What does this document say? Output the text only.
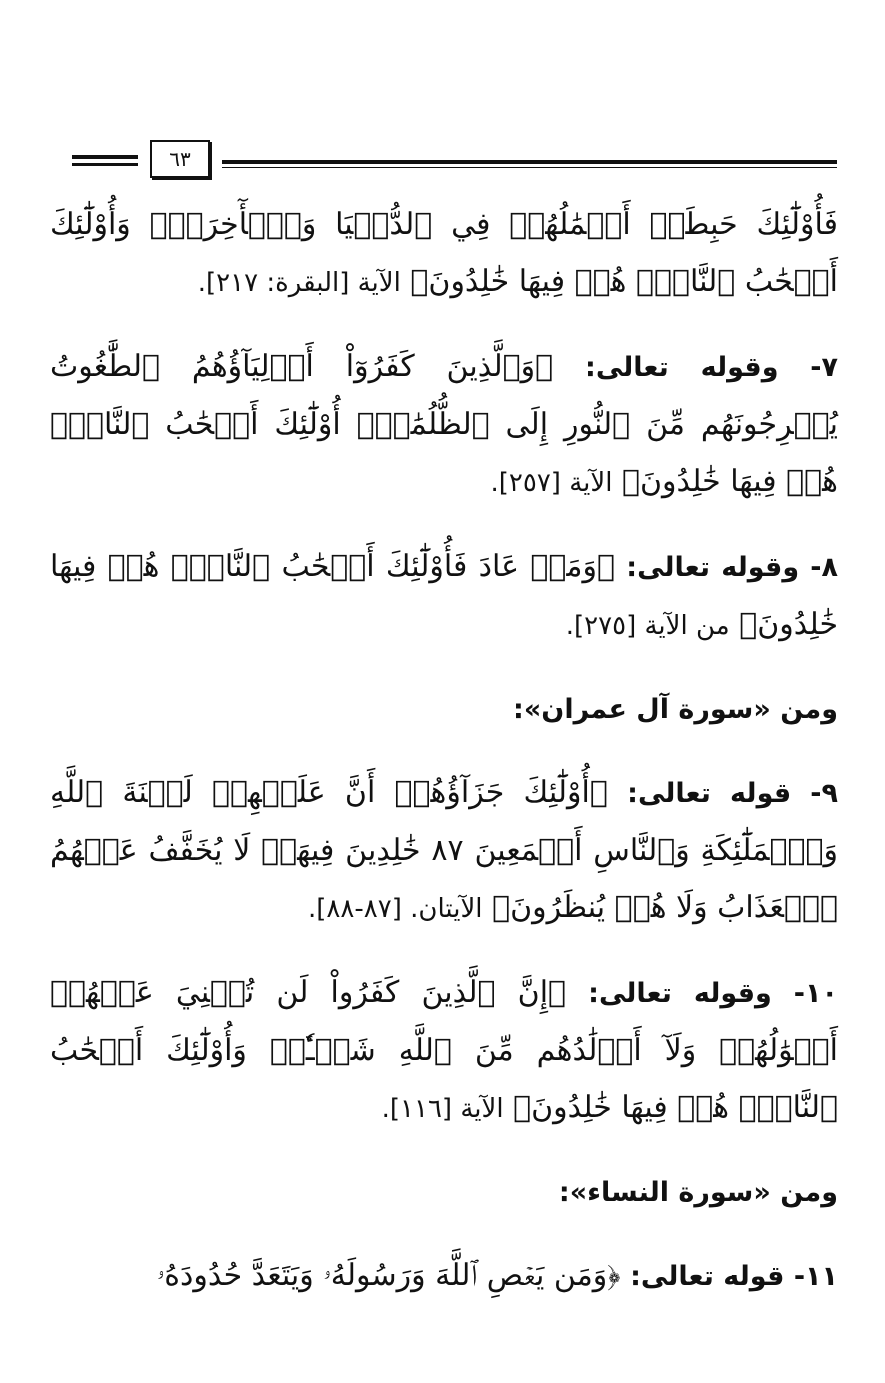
٦٣

فَأُوْلَٰٓئِكَ حَبِطَتۡ أَعۡمَٰلُهُمۡ فِي ٱلدُّنۡيَا وَٱلۡأٓخِرَةِۖ وَأُوْلَٰٓئِكَ أَصۡحَٰبُ ٱلنَّارِۖ هُمۡ فِيهَا خَٰلِدُونَ﴾ الآية [البقرة: ٢١٧].

٧- وقوله تعالى: ﴿وَٱلَّذِينَ كَفَرُوٓاْ أَوۡلِيَآؤُهُمُ ٱلطَّٰغُوتُ يُخۡرِجُونَهُم مِّنَ ٱلنُّورِ إِلَى ٱلظُّلُمَٰتِۗ أُوْلَٰٓئِكَ أَصۡحَٰبُ ٱلنَّارِۖ هُمۡ فِيهَا خَٰلِدُونَ﴾ الآية [٢٥٧].

٨- وقوله تعالى: ﴿وَمَنۡ عَادَ فَأُوْلَٰٓئِكَ أَصۡحَٰبُ ٱلنَّارِۖ هُمۡ فِيهَا خَٰلِدُونَ﴾ من الآية [٢٧٥].

ومن «سورة آل عمران»:

٩- قوله تعالى: ﴿أُوْلَٰٓئِكَ جَزَآؤُهُمۡ أَنَّ عَلَيۡهِمۡ لَعۡنَةَ ٱللَّهِ وَٱلۡمَلَٰٓئِكَةِ وَٱلنَّاسِ أَجۡمَعِينَ ٨٧ خَٰلِدِينَ فِيهَاۖ لَا يُخَفَّفُ عَنۡهُمُ ٱلۡعَذَابُ وَلَا هُمۡ يُنظَرُونَ﴾ الآيتان. [٨٧-٨٨].

١٠- وقوله تعالى: ﴿إِنَّ ٱلَّذِينَ كَفَرُواْ لَن تُغۡنِيَ عَنۡهُمۡ أَمۡوَٰلُهُمۡ وَلَآ أَوۡلَٰدُهُم مِّنَ ٱللَّهِ شَيۡـٔٗاۖ وَأُوْلَٰٓئِكَ أَصۡحَٰبُ ٱلنَّارِۖ هُمۡ فِيهَا خَٰلِدُونَ﴾ الآية [١١٦].

ومن «سورة النساء»:

١١- قوله تعالى: ﴿وَمَن يَعۡصِ ٱللَّهَ وَرَسُولَهُۥ وَيَتَعَدَّ حُدُودَهُۥ
